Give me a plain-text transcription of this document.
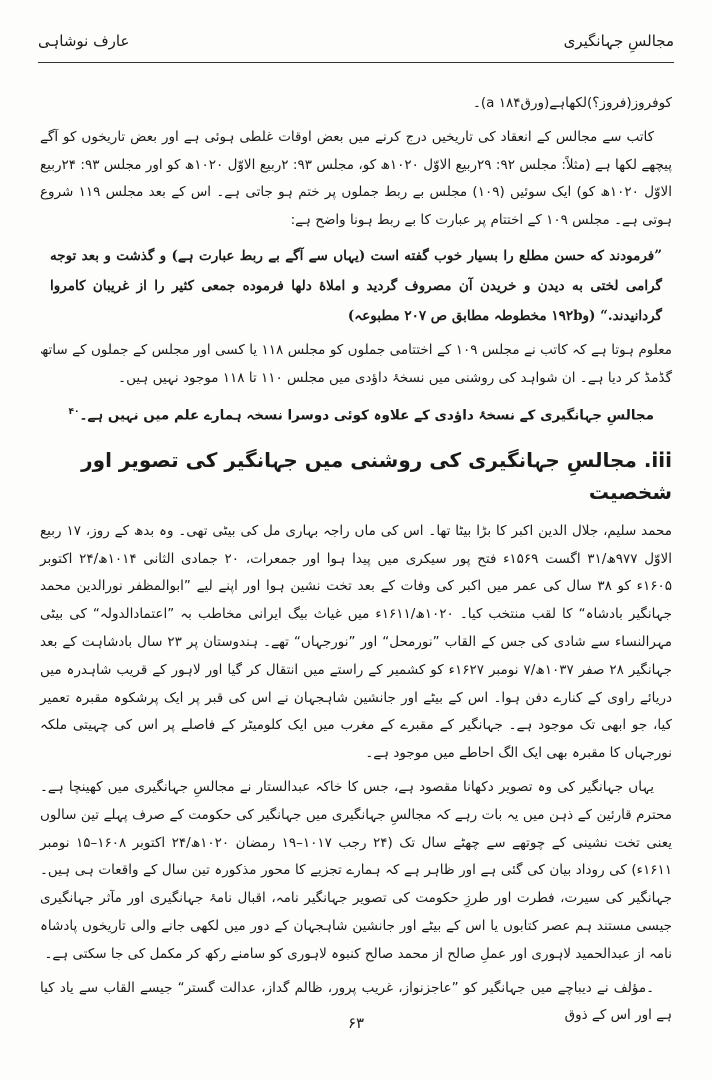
مجالسِ جہانگیری
عارف نوشاہی

کوفروز(فروز؟)لکھاہے(ورقa ۱۸۴)۔

کاتب سے مجالس کے انعقاد کی تاریخیں درج کرنے میں بعض اوقات غلطی ہوئی ہے اور بعض تاریخوں کو آگے پیچھے لکھا ہے (مثلاً: مجلس ۹۲: ۲۹ربیع الاوّل ۱۰۲۰ھ کو، مجلس ۹۳: ۲ربیع الاوّل ۱۰۲۰ھ کو اور مجلس ۹۳: ۲۴ربیع الاوّل ۱۰۲۰ھ کو) ایک سوئیں (۱۰۹) مجلس بے ربط جملوں پر ختم ہو جاتی ہے۔ اس کے بعد مجلس ۱۱۹ شروع ہوتی ہے۔ مجلس ۱۰۹ کے اختتام پر عبارت کا بے ربط ہونا واضح ہے:

”فرمودند که حسن مطلع را بسیار خوب گفته است (یہاں سے آگے بے ربط عبارت ہے) و گذشت و بعد توجه گرامی لختی به دیدن و خریدن آن مصروف گردید و املاۀ دلها فرموده جمعی کثیر را از غریبان کامروا گردانیدند.“ (و۱۹۲b مخطوطہ مطابق ص ۲۰۷ مطبوعہ)

معلوم ہوتا ہے کہ کاتب نے مجلس ۱۰۹ کے اختتامی جملوں کو مجلس ۱۱۸ یا کسی اور مجلس کے جملوں کے ساتھ گڈمڈ کر دیا ہے۔ ان شواہد کی روشنی میں نسخۂ داؤدی میں مجلس ۱۱۰ تا ۱۱۸ موجود نہیں ہیں۔

مجالسِ جہانگیری کے نسخۂ داؤدی کے علاوہ کوئی دوسرا نسخہ ہمارے علم میں نہیں ہے۔$^{۴۰}$

iii. مجالسِ جہانگیری کی روشنی میں جہانگیر کی تصویر اور شخصیت

محمد سلیم، جلال الدین اکبر کا بڑا بیٹا تھا۔ اس کی ماں راجہ بہاری مل کی بیٹی تھی۔ وہ بدھ کے روز، ۱۷ ربیع الاوّل ۹۷۷ھ/۳۱ اگست ۱۵۶۹ء فتح پور سیکری میں پیدا ہوا اور جمعرات، ۲۰ جمادی الثانی ۱۰۱۴ھ/۲۴ اکتوبر ۱۶۰۵ء کو ۳۸ سال کی عمر میں اکبر کی وفات کے بعد تخت نشین ہوا اور اپنے لیے ”ابوالمظفر نورالدین محمد جہانگیر بادشاہ“ کا لقب منتخب کیا۔ ۱۰۲۰ھ/۱۶۱۱ء میں غیاث بیگ ایرانی مخاطب بہ ”اعتمادالدولہ“ کی بیٹی مہرالنساء سے شادی کی جس کے القاب ”نورمحل“ اور ”نورجہاں“ تھے۔ ہندوستان پر ۲۳ سال بادشاہت کے بعد جہانگیر ۲۸ صفر ۱۰۳۷ھ/۷ نومبر ۱۶۲۷ء کو کشمیر کے راستے میں انتقال کر گیا اور لاہور کے قریب شاہدرہ میں دریائے راوی کے کنارے دفن ہوا۔ اس کے بیٹے اور جانشین شاہجہان نے اس کی قبر پر ایک پرشکوہ مقبرہ تعمیر کیا، جو ابھی تک موجود ہے۔ جہانگیر کے مقبرے کے مغرب میں ایک کلومیٹر کے فاصلے پر اس کی چہیتی ملکہ نورجہاں کا مقبرہ بھی ایک الگ احاطے میں موجود ہے۔

یہاں جہانگیر کی وہ تصویر دکھانا مقصود ہے، جس کا خاکہ عبدالستار نے مجالسِ جہانگیری میں کھینچا ہے۔ محترم قارئین کے ذہن میں یہ بات رہے کہ مجالسِ جہانگیری میں جہانگیر کی حکومت کے صرف پہلے تین سالوں یعنی تخت نشینی کے چوتھے سے چھٹے سال تک (۲۴ رجب ۱۰۱۷–۱۹ رمضان ۱۰۲۰ھ/۲۴ اکتوبر ۱۶۰۸–۱۵ نومبر ۱۶۱۱ء) کی روداد بیان کی گئی ہے اور ظاہر ہے کہ ہمارے تجزیے کا محور مذکورہ تین سال کے واقعات ہی ہیں۔ جہانگیر کی سیرت، فطرت اور طرزِ حکومت کی تصویر جہانگیر نامہ، اقبال نامۂ جہانگیری اور مآثر جہانگیری جیسی مستند ہم عصر کتابوں یا اس کے بیٹے اور جانشین شاہجہان کے دور میں لکھی جانے والی تاریخوں پادشاہ نامہ از عبدالحمید لاہوری اور عملِ صالح از محمد صالح کنبوہ لاہوری کو سامنے رکھ کر مکمل کی جا سکتی ہے۔

۔مؤلف نے دیباچے میں جہانگیر کو ”عاجزنواز، غریب پرور، ظالم گداز، عدالت گستر“ جیسے القاب سے یاد کیا ہے اور اس کے ذوق

۶۳
